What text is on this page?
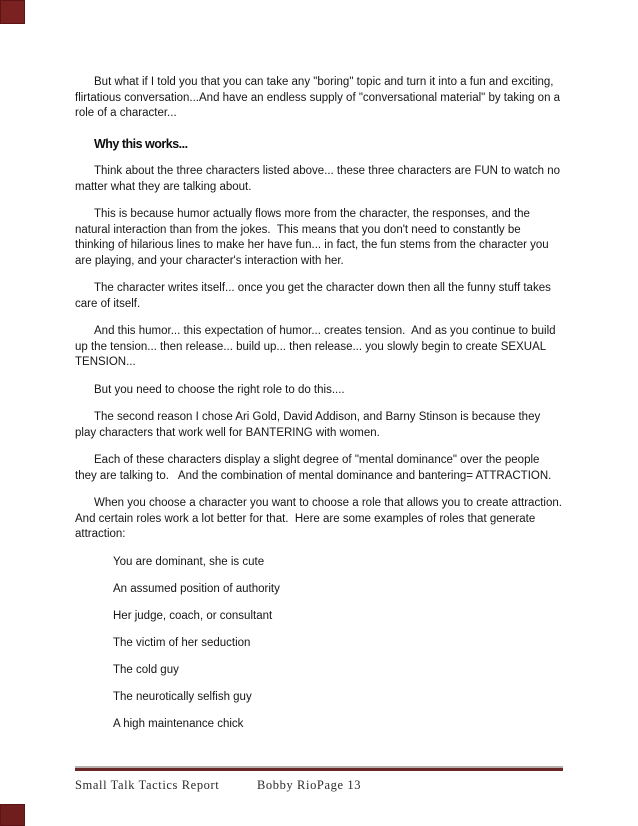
But what if I told you that you can take any "boring" topic and turn it into a fun and exciting, flirtatious conversation...And have an endless supply of "conversational material" by taking on a role of a character...

Why this works...

Think about the three characters listed above... these three characters are FUN to watch no matter what they are talking about.

This is because humor actually flows more from the character, the responses, and the natural interaction than from the jokes.  This means that you don't need to constantly be thinking of hilarious lines to make her have fun... in fact, the fun stems from the character you are playing, and your character's interaction with her.

The character writes itself... once you get the character down then all the funny stuff takes care of itself.

And this humor... this expectation of humor... creates tension.  And as you continue to build up the tension... then release... build up... then release... you slowly begin to create SEXUAL TENSION...

But you need to choose the right role to do this....

The second reason I chose Ari Gold, David Addison, and Barny Stinson is because they play characters that work well for BANTERING with women.

Each of these characters display a slight degree of "mental dominance" over the people they are talking to.   And the combination of mental dominance and bantering= ATTRACTION.

When you choose a character you want to choose a role that allows you to create attraction.  And certain roles work a lot better for that.  Here are some examples of roles that generate attraction:

You are dominant, she is cute

An assumed position of authority

Her judge, coach, or consultant

The victim of her seduction

The cold guy

The neurotically selfish guy

A high maintenance chick

Small Talk Tactics Report	Bobby RioPage 13
